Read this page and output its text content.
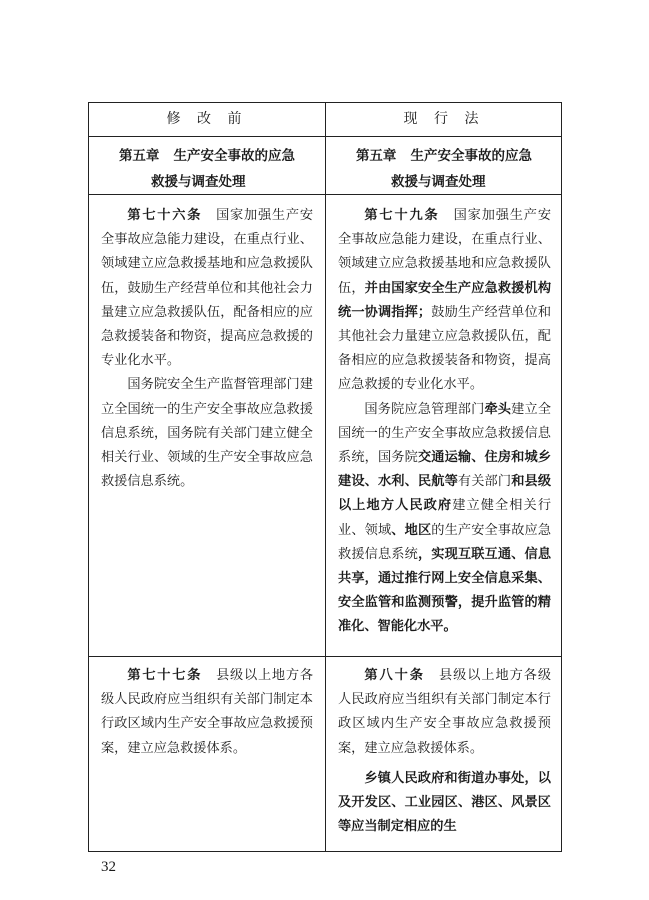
修 改 前	现 行 法
第五章 生产安全事故的应急
救援与调查处理
第五章 生产安全事故的应急
救援与调查处理

第七十六条　 国家加强生产安全事故应急能力建设，在重点行业、领域建立应急救援基地和应急救援队伍，鼓励生产经营单位和其他社会力量建立应急救援队伍，配备相应的应急救援装备和物资，提高应急救援的专业化水平。

国务院安全生产监督管理部门建立全国统一的生产安全事故应急救援信息系统，国务院有关部门建立健全相关行业、领域的生产安全事故应急救援信息系统。

第七十九条　 国家加强生产安全事故应急能力建设，在重点行业、领域建立应急救援基地和应急救援队伍，并由国家安全生产应急救援机构统一协调指挥；鼓励生产经营单位和其他社会力量建立应急救援队伍，配备相应的应急救援装备和物资，提高应急救援的专业化水平。

国务院应急管理部门牵头建立全国统一的生产安全事故应急救援信息系统，国务院交通运输、住房和城乡建设、水利、民航等有关部门和县级以上地方人民政府建立健全相关行业、领域、地区的生产安全事故应急救援信息系统，实现互联互通、信息共享，通过推行网上安全信息采集、安全监管和监测预警，提升监管的精准化、智能化水平。

第七十七条　 县级以上地方各级人民政府应当组织有关部门制定本行政区域内生产安全事故应急救援预案，建立应急救援体系。

第八十条　 县级以上地方各级人民政府应当组织有关部门制定本行政区域内生产安全事故应急救援预案，建立应急救援体系。

乡镇人民政府和街道办事处，以及开发区、工业园区、港区、风景区等应当制定相应的生

32
